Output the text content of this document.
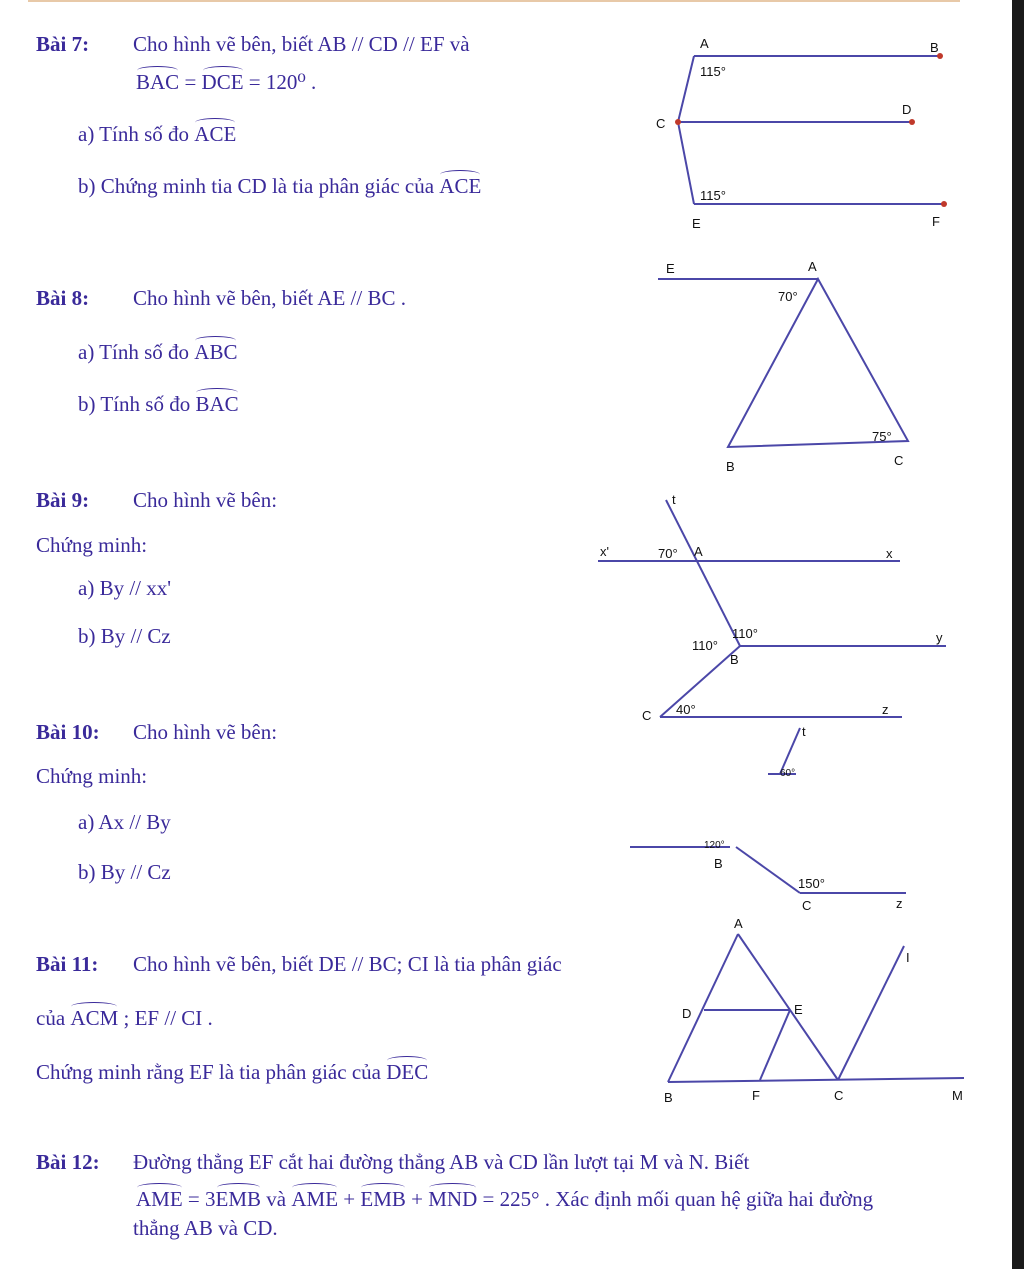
Bài 7: Cho hình vẽ bên, biết AB // CD // EF và
BAC = DCE = 120⁰ .
a) Tính số đo ACE
b) Chứng minh tia CD là tia phân giác của ACE
A	B
C
D
E	F
115°
115°
Bài 8: Cho hình vẽ bên, biết AE // BC .
a) Tính số đo ABC
b) Tính số đo BAC
E	A
B	C
70°
75°
Bài 9: Cho hình vẽ bên:
Chứng minh:
a) By // xx'
b) By // Cz
t
x'	x
A
B
C
y
z
70°
110°
110°
40°
Bài 10: Cho hình vẽ bên:
Chứng minh:
a) Ax // By
b) By // Cz
t
60°
120°
B
150°
C	z
Bài 11: Cho hình vẽ bên, biết DE // BC; CI là tia phân giác
của ACM ; EF // CI .
Chứng minh rằng EF là tia phân giác của DEC
A
D	E
B	F	C	M
I
Bài 12: Đường thẳng EF cắt hai đường thẳng AB và CD lần lượt tại M và N. Biết
AME = 3EMB và AME + EMB + MND = 225° . Xác định mối quan hệ giữa hai đường
thẳng AB và CD.
